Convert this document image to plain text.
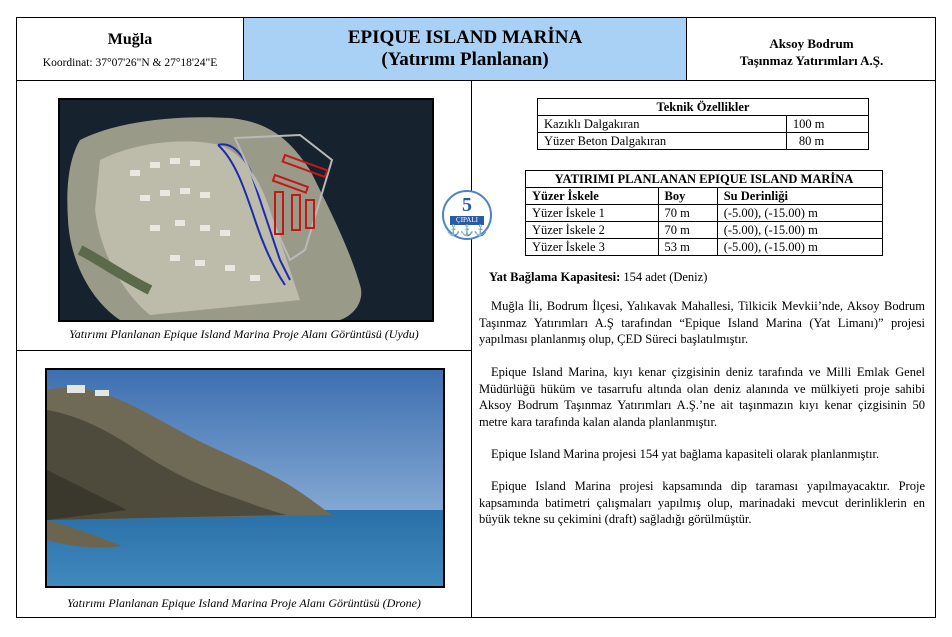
Muğla
Koordinat: 37°07'26"N & 27°18'24"E
EPIQUE ISLAND MARİNA
(Yatırımı Planlanan)
Aksoy Bodrum
Taşınmaz Yatırımları A.Ş.
Yatırımı Planlanan Epique Island Marina Proje Alanı Görüntüsü (Uydu)
Yatırımı Planlanan Epique Island Marina Proje Alanı Görüntüsü (Drone)
Teknik Özellikler	
Kazıklı Dalgakıran	100 m
Yüzer Beton Dalgakıran	80 m
YATIRIMI PLANLANAN EPIQUE ISLAND MARİNA		
Yüzer İskele	Boy	Su Derinliği
Yüzer İskele 1	70 m	(-5.00), (-15.00) m
Yüzer İskele 2	70 m	(-5.00), (-15.00) m
Yüzer İskele 3	53 m	(-5.00), (-15.00) m
5
ÇIPALI
⚓⚓⚓
Yat Bağlama Kapasitesi: 154 adet (Deniz)

Muğla İli, Bodrum İlçesi, Yalıkavak Mahallesi, Tilkicik Mevkii’nde, Aksoy Bodrum Taşınmaz Yatırımları A.Ş tarafından “Epique Island Marina (Yat Limanı)” projesi yapılması planlanmış olup, ÇED Süreci başlatılmıştır.

Epique Island Marina, kıyı kenar çizgisinin deniz tarafında ve Milli Emlak Genel Müdürlüğü hüküm ve tasarrufu altında olan deniz alanında ve mülkiyeti proje sahibi Aksoy Bodrum Taşınmaz Yatırımları A.Ş.’ne ait taşınmazın kıyı kenar çizgisinin 50 metre kara tarafında kalan alanda planlanmıştır.

Epique Island Marina projesi 154 yat bağlama kapasiteli olarak planlanmıştır.

Epique Island Marina projesi kapsamında dip taraması yapılmayacaktır. Proje kapsamında batimetri çalışmaları yapılmış olup, marinadaki mevcut derinliklerin en büyük tekne su çekimini (draft) sağladığı görülmüştür.
